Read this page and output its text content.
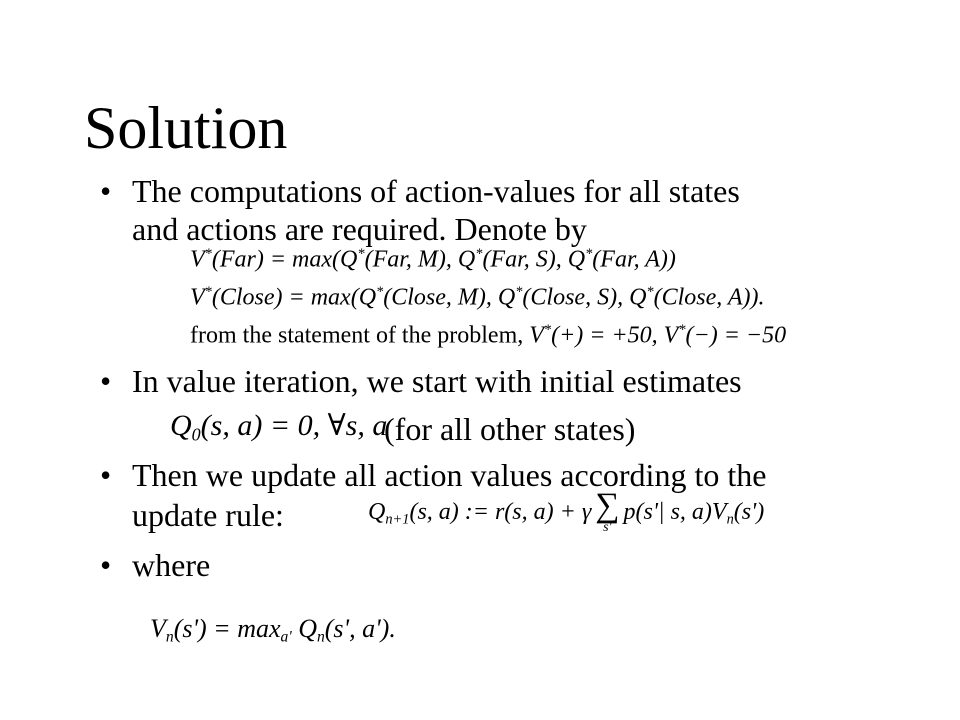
Solution
• The computations of action-values for all states
and actions are required. Denote by
V*(Far) = max(Q*(Far, M), Q*(Far, S), Q*(Far, A))
V*(Close) = max(Q*(Close, M), Q*(Close, S), Q*(Close, A)).
from the statement of the problem, V*(+) = +50, V*(−) = −50
• In value iteration, we start with initial estimates
Q0(s, a) = 0, ∀s, a
(for all other states)
• Then we update all action values according to the
update rule:	Qn+1(s, a) := r(s, a) + γ ∑
s'
p(s'| s, a)Vn(s')
• where
Vn(s') = maxa' Qn(s', a').
